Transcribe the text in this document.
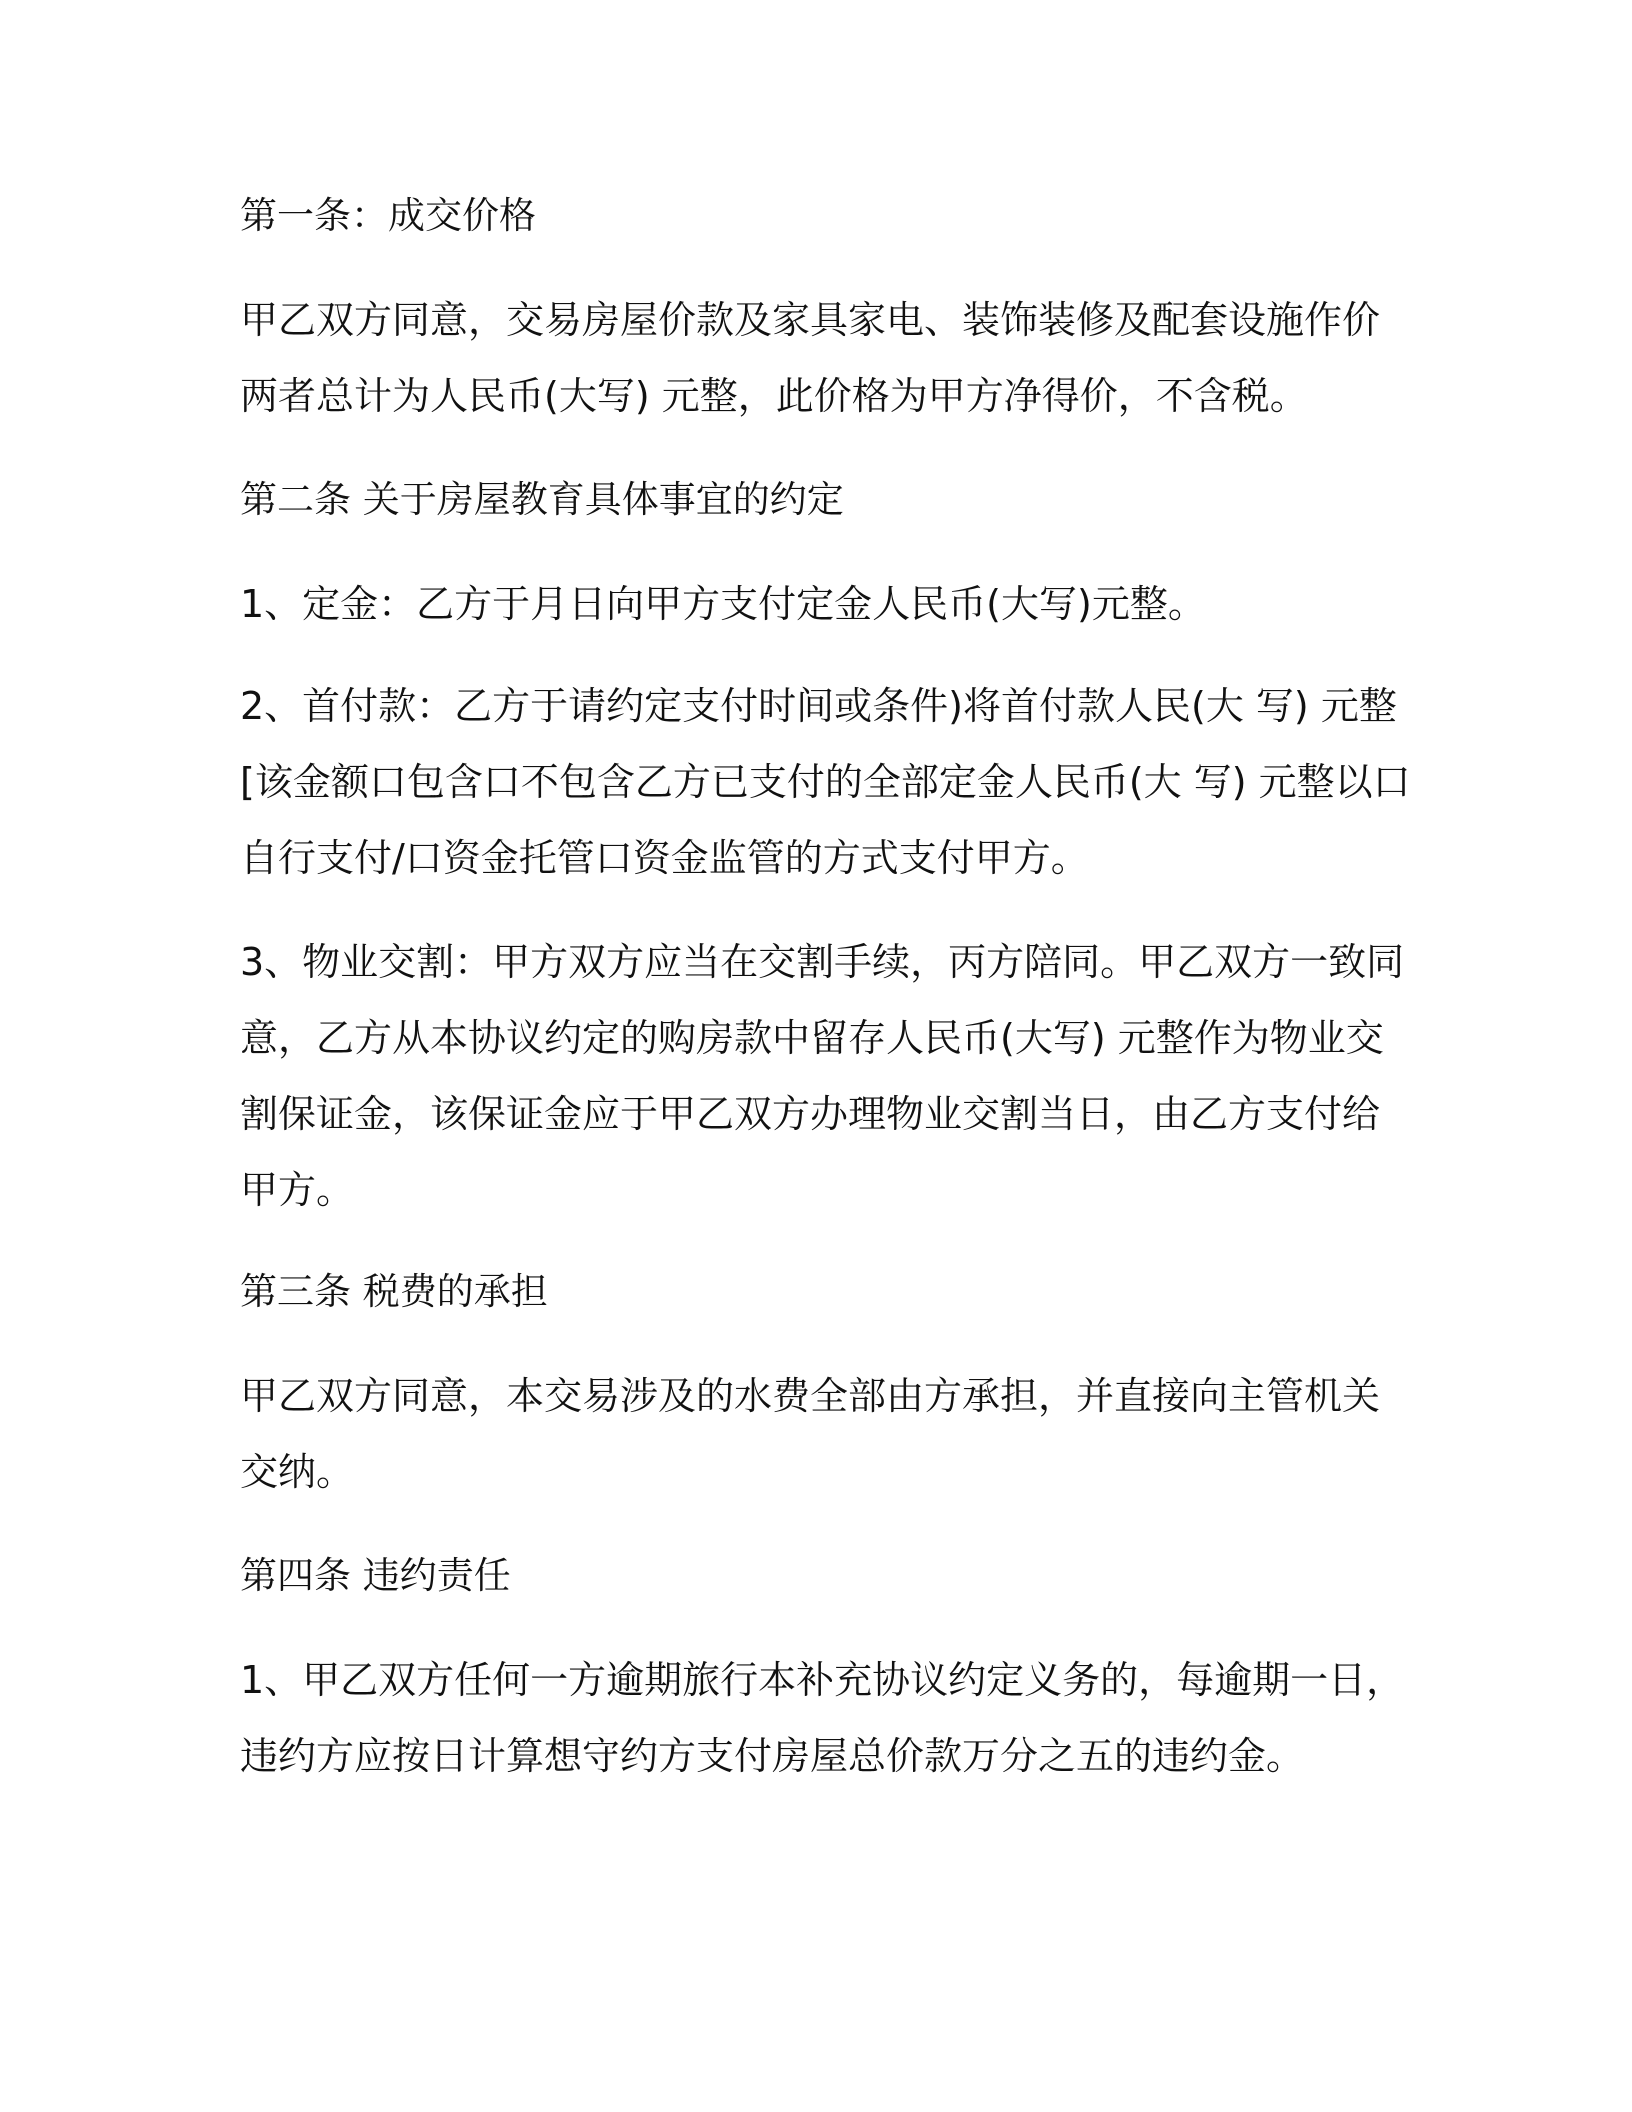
第一条：成交价格
甲乙双方同意，交易房屋价款及家具家电、装饰装修及配套设施作价
两者总计为人民币(大写) 元整，此价格为甲方净得价，不含税。
第二条 关于房屋教育具体事宜的约定
1、定金：乙方于月日向甲方支付定金人民币(大写)元整。
2、首付款：乙方于请约定支付时间或条件)将首付款人民(大 写) 元整
[该金额口包含口不包含乙方已支付的全部定金人民币(大 写) 元整以口
自行支付/口资金托管口资金监管的方式支付甲方。
3、物业交割：甲方双方应当在交割手续，丙方陪同。甲乙双方一致同
意，乙方从本协议约定的购房款中留存人民币(大写) 元整作为物业交
割保证金，该保证金应于甲乙双方办理物业交割当日，由乙方支付给
甲方。
第三条 税费的承担
甲乙双方同意，本交易涉及的水费全部由方承担，并直接向主管机关
交纳。
第四条 违约责任
1、甲乙双方任何一方逾期旅行本补充协议约定义务的，每逾期一日，
违约方应按日计算想守约方支付房屋总价款万分之五的违约金。
